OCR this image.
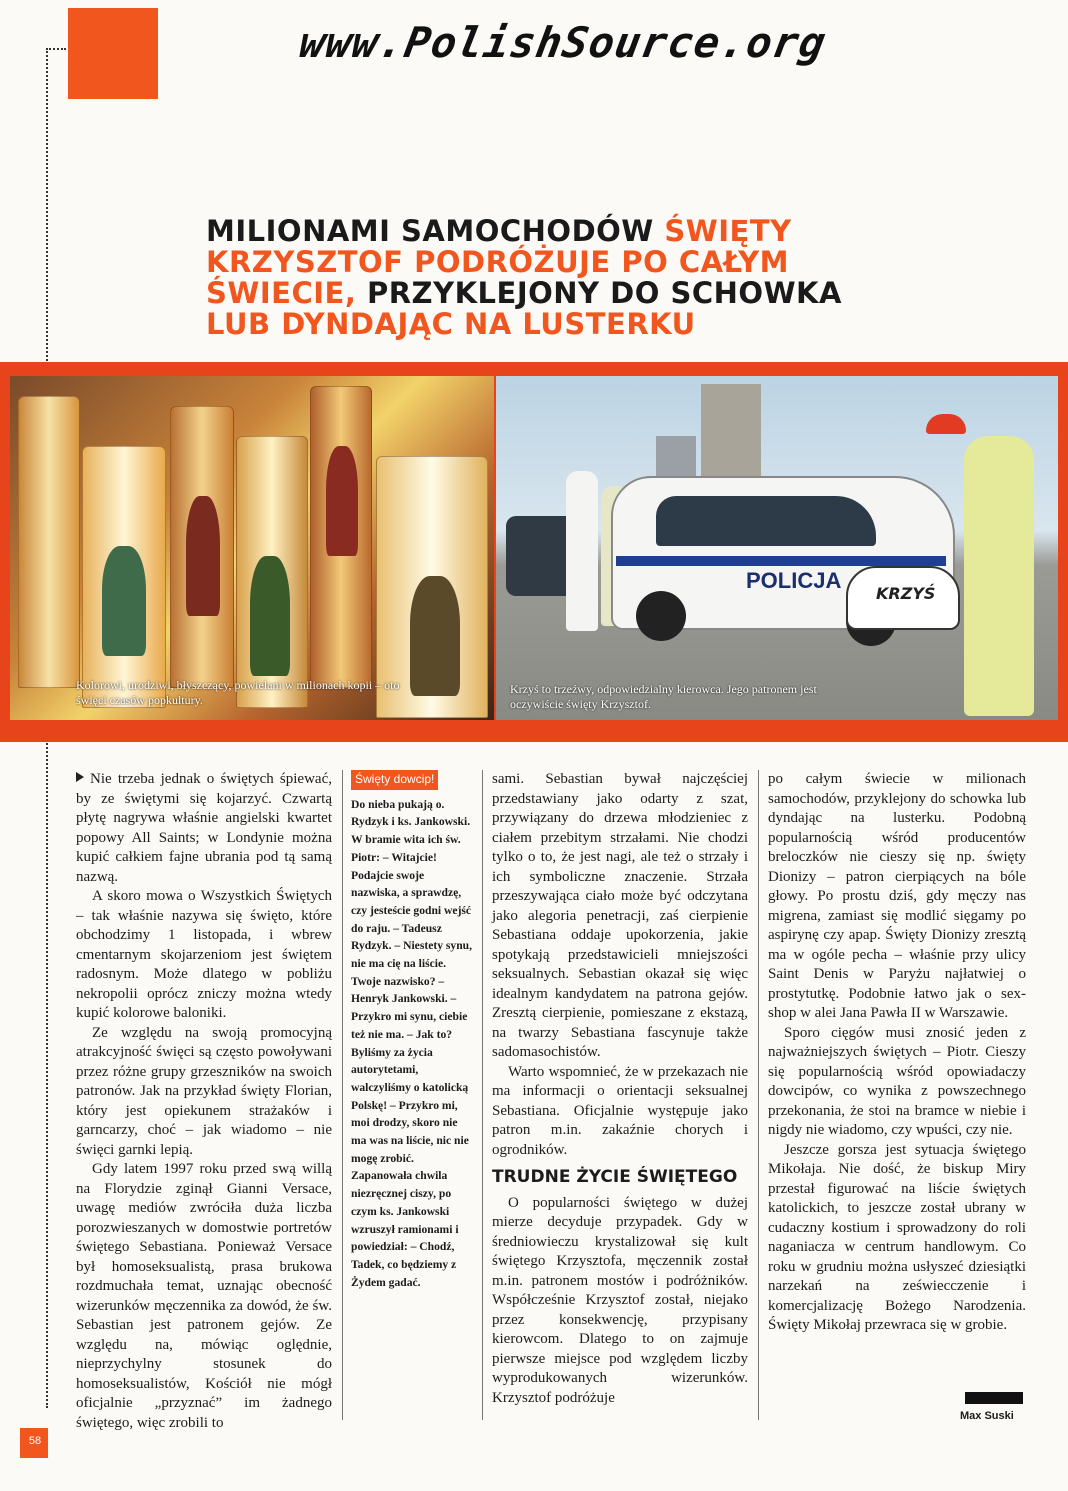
www.PolishSource.org
MILIONAMI SAMOCHODÓW ŚWIĘTY KRZYSZTOF PODRÓŻUJE PO CAŁYM ŚWIECIE, PRZYKLEJONY DO SCHOWKA
LUB DYNDAJĄC NA LUSTERKU
Kolorowi, urodziwi, błyszczący, powielani w milionach kopii – oto święci czasów popkultury.
POLICJA
KRZYŚ
Krzyś to trzeźwy, odpowiedzialny kierowca. Jego patronem jest oczywiście święty Krzysztof.

Nie trzeba jednak o świętych śpiewać, by ze świętymi się kojarzyć. Czwartą płytę nagrywa właśnie angielski kwartet popowy All Saints; w Londynie można kupić całkiem fajne ubrania pod tą samą nazwą.

A skoro mowa o Wszystkich Świętych – tak właśnie nazywa się święto, które obchodzimy 1 listopada, i wbrew cmentarnym skojarzeniom jest świętem radosnym. Może dlatego w pobliżu nekropolii oprócz zniczy można wtedy kupić kolorowe baloniki.

Ze względu na swoją promocyjną atrakcyjność święci są często powoływani przez różne grupy grzeszników na swoich patronów. Jak na przykład święty Florian, który jest opiekunem strażaków i garncarzy, choć – jak wiadomo – nie święci garnki lepią.

Gdy latem 1997 roku przed swą willą na Florydzie zginął Gianni Versace, uwagę mediów zwróciła duża liczba porozwieszanych w domostwie portretów świętego Sebastiana. Ponieważ Versace był homoseksualistą, prasa brukowa rozdmuchała temat, uznając obecność wizerunków męczennika za dowód, że św. Sebastian jest patronem gejów. Ze względu na, mówiąc oględnie, nieprzychylny stosunek do homoseksualistów, Kościół nie mógł oficjalnie „przyznać” im żadnego świętego, więc zrobili to

Święty dowcip!
Do nieba pukają o. Rydzyk i ks. Jankowski. W bramie wita ich św. Piotr: – Witajcie! Podajcie swoje nazwiska, a sprawdzę, czy jesteście godni wejść do raju. – Tadeusz Rydzyk. – Niestety synu, nie ma cię na liście. Twoje nazwisko? – Henryk Jankowski. – Przykro mi synu, ciebie też nie ma. – Jak to? Byliśmy za życia autorytetami, walczyliśmy o katolicką Polskę! – Przykro mi, moi drodzy, skoro nie ma was na liście, nic nie mogę zrobić. Zapanowała chwila niezręcznej ciszy, po czym ks. Jankowski wzruszył ramionami i powiedział: – Chodź, Tadek, co będziemy z Żydem gadać.

sami. Sebastian bywał najczęściej przedstawiany jako odarty z szat, przywiązany do drzewa młodzieniec z ciałem przebitym strzałami. Nie chodzi tylko o to, że jest nagi, ale też o strzały i ich symboliczne znaczenie. Strzała przeszywająca ciało może być odczytana jako alegoria penetracji, zaś cierpienie Sebastiana oddaje upokorzenia, jakie spotykają przedstawicieli mniejszości seksualnych. Sebastian okazał się więc idealnym kandydatem na patrona gejów. Zresztą cierpienie, pomieszane z ekstazą, na twarzy Sebastiana fascynuje także sadomasochistów.

Warto wspomnieć, że w przekazach nie ma informacji o orientacji seksualnej Sebastiana. Oficjalnie występuje jako patron m.in. zakaźnie chorych i ogrodników.

TRUDNE ŻYCIE ŚWIĘTEGO

O popularności świętego w dużej mierze decyduje przypadek. Gdy w średniowieczu krystalizował się kult świętego Krzysztofa, męczennik został m.in. patronem mostów i podróżników. Współcześnie Krzysztof został, niejako przez konsekwencję, przypisany kierowcom. Dlatego to on zajmuje pierwsze miejsce pod względem liczby wyprodukowanych wizerunków. Krzysztof podróżuje

po całym świecie w milionach samochodów, przyklejony do schowka lub dyndając na lusterku. Podobną popularnością wśród producentów breloczków nie cieszy się np. święty Dionizy – patron cierpiących na bóle głowy. Po prostu dziś, gdy męczy nas migrena, zamiast się modlić sięgamy po aspirynę czy apap. Święty Dionizy zresztą ma w ogóle pecha – właśnie przy ulicy Saint Denis w Paryżu najłatwiej o prostytutkę. Podobnie łatwo jak o sex-shop w alei Jana Pawła II w Warszawie.

Sporo cięgów musi znosić jeden z najważniejszych świętych – Piotr. Cieszy się popularnością wśród opowiadaczy dowcipów, co wynika z powszechnego przekonania, że stoi na bramce w niebie i nigdy nie wiadomo, czy wpuści, czy nie.

Jeszcze gorsza jest sytuacja świętego Mikołaja. Nie dość, że biskup Miry przestał figurować na liście świętych katolickich, to jeszcze został ubrany w cudaczny kostium i sprowadzony do roli naganiacza w centrum handlowym. Co roku w grudniu można usłyszeć dziesiątki narzekań na zeświecczenie i komercjalizację Bożego Narodzenia. Święty Mikołaj przewraca się w grobie.

Max Suski
58
